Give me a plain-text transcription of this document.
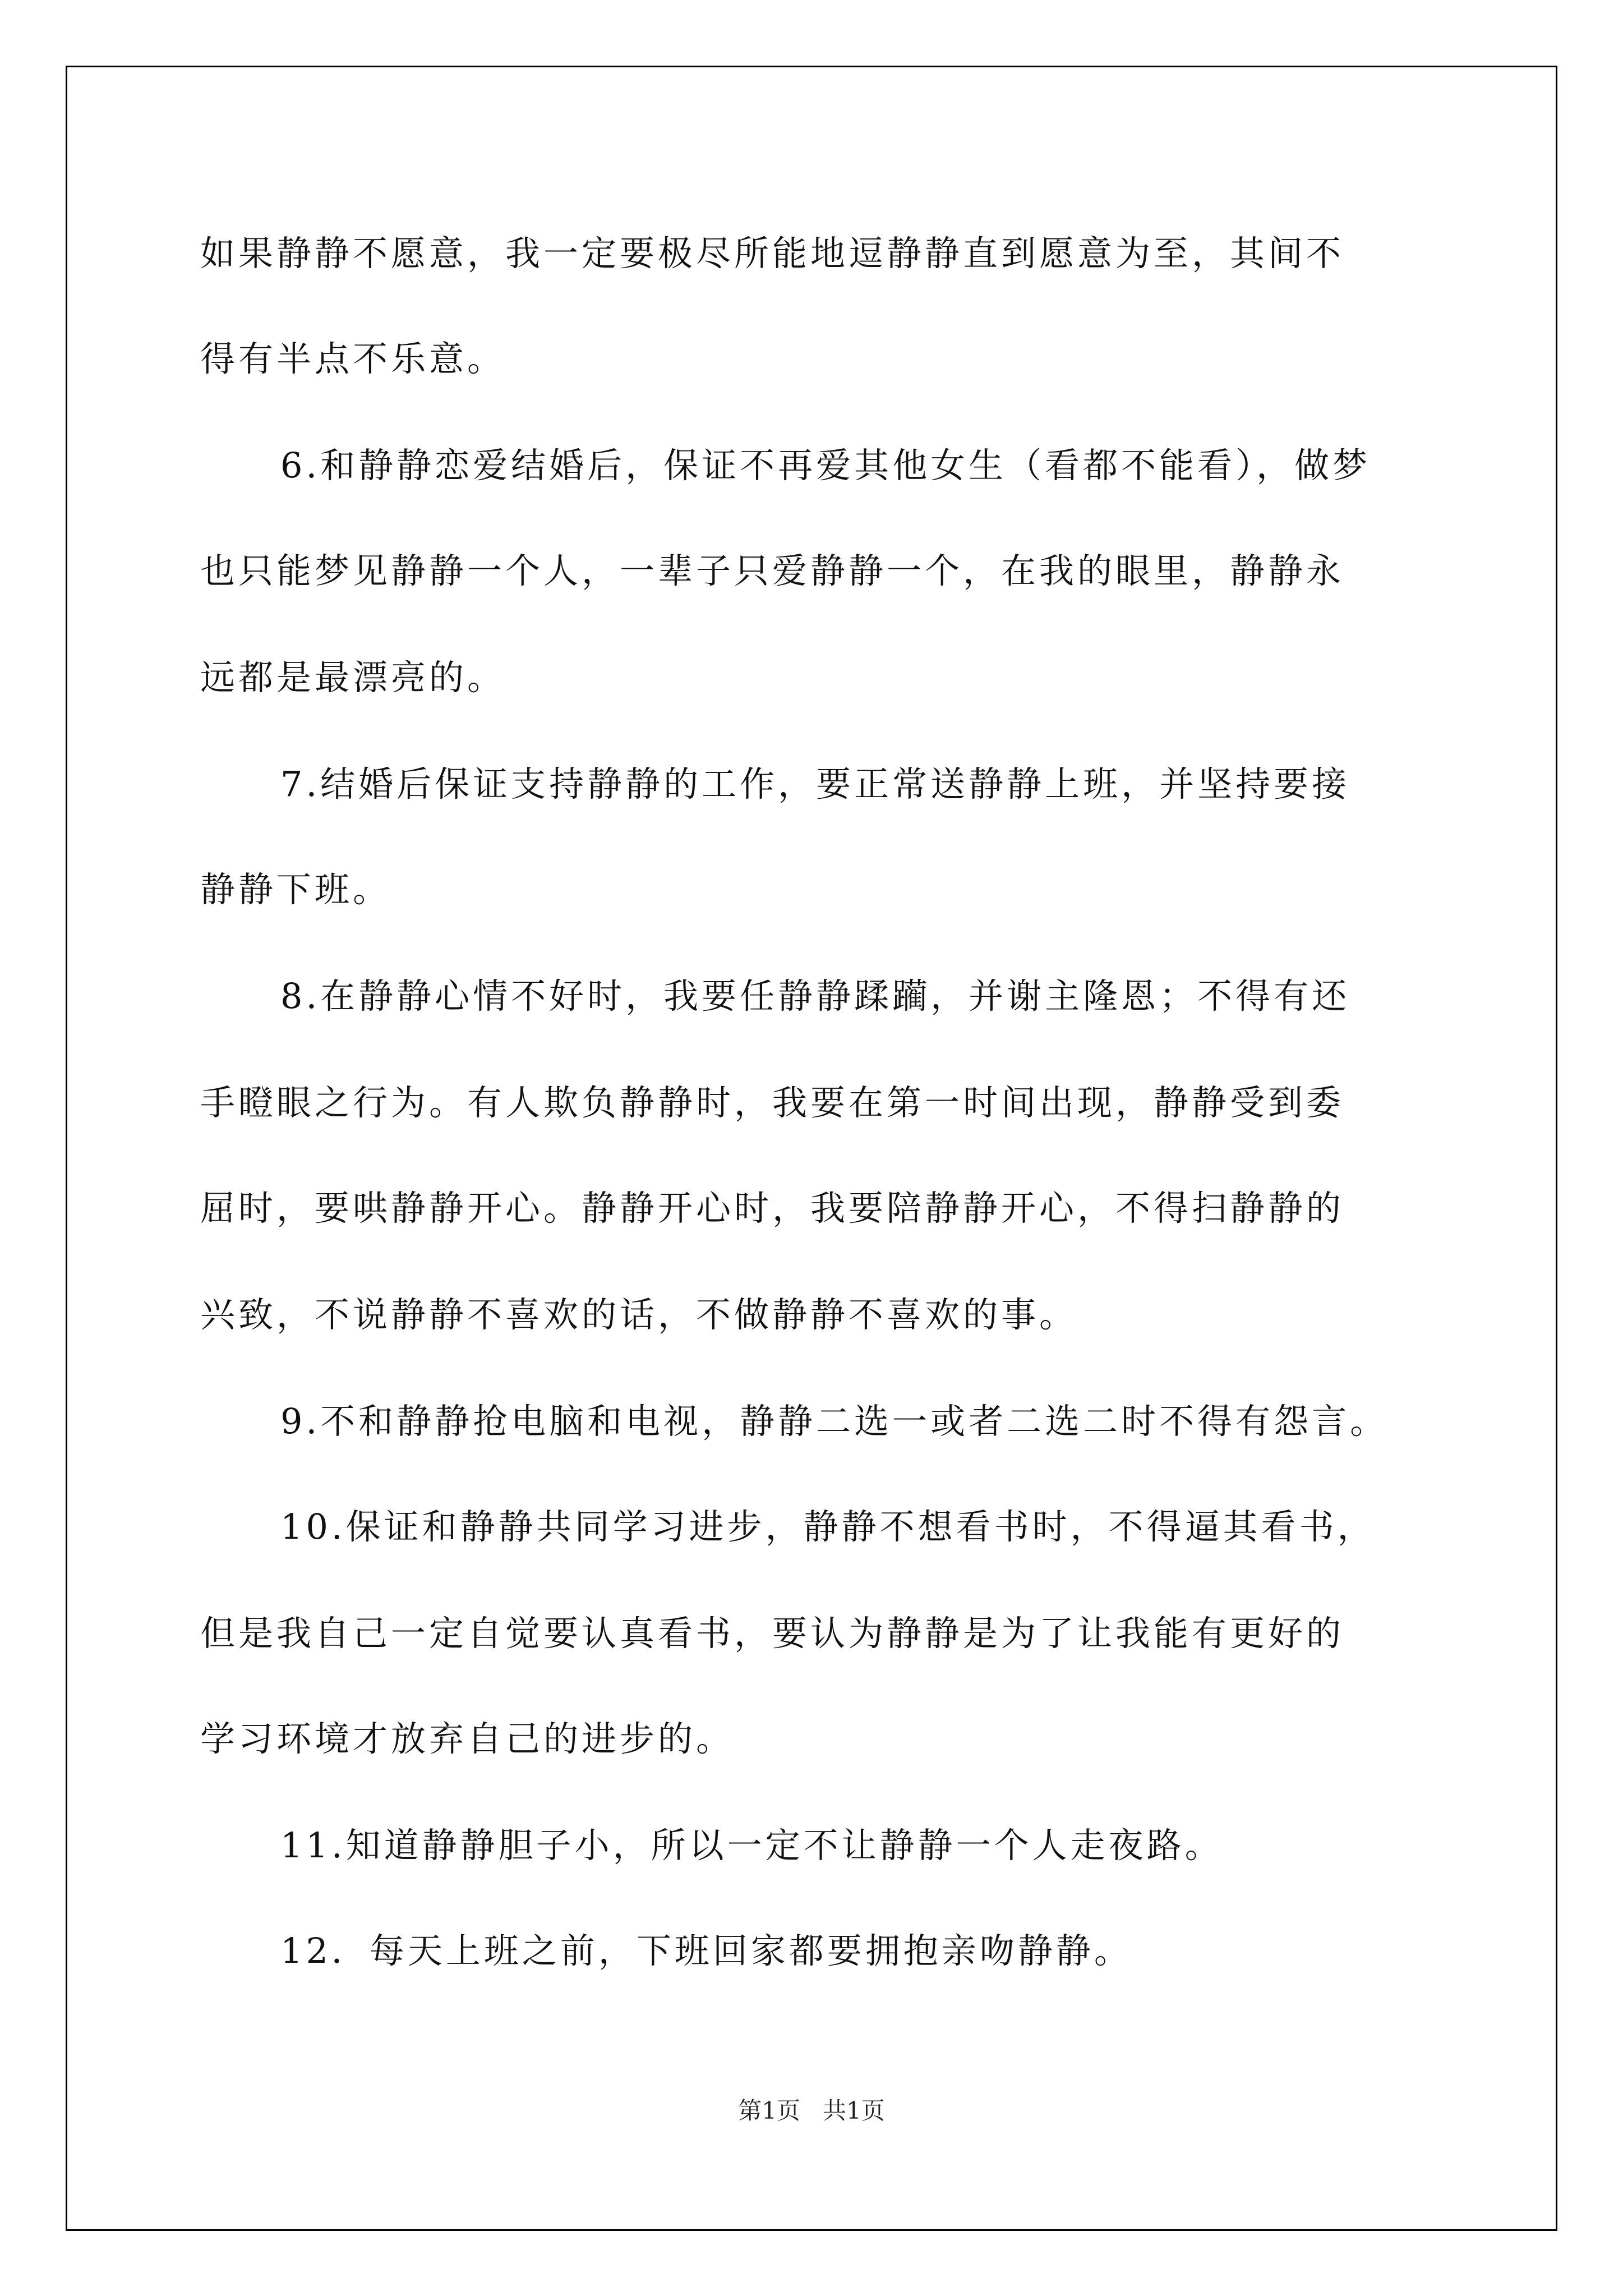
如果静静不愿意，我一定要极尽所能地逗静静直到愿意为至，其间不
得有半点不乐意。
6.和静静恋爱结婚后，保证不再爱其他女生（看都不能看），做梦
也只能梦见静静一个人，一辈子只爱静静一个，在我的眼里，静静永
远都是最漂亮的。
7.结婚后保证支持静静的工作，要正常送静静上班，并坚持要接
静静下班。
8.在静静心情不好时，我要任静静蹂躏，并谢主隆恩；不得有还
手瞪眼之行为。有人欺负静静时，我要在第一时间出现，静静受到委
屈时，要哄静静开心。静静开心时，我要陪静静开心，不得扫静静的
兴致，不说静静不喜欢的话，不做静静不喜欢的事。
9.不和静静抢电脑和电视，静静二选一或者二选二时不得有怨言。
10.保证和静静共同学习进步，静静不想看书时，不得逼其看书，
但是我自己一定自觉要认真看书，要认为静静是为了让我能有更好的
学习环境才放弃自己的进步的。
11.知道静静胆子小，所以一定不让静静一个人走夜路。
12．每天上班之前，下班回家都要拥抱亲吻静静。
第1页 共1页
